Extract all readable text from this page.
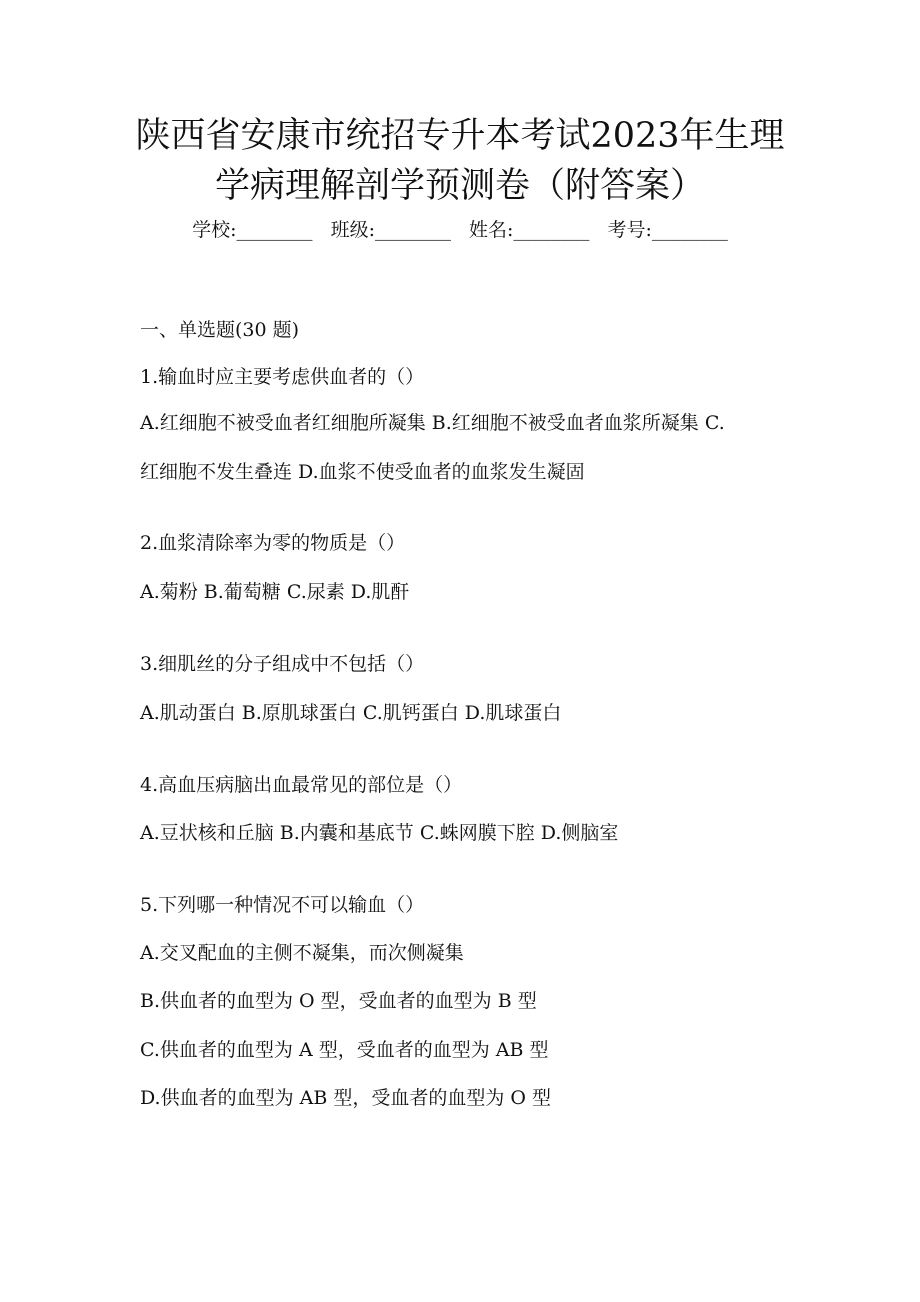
陕西省安康市统招专升本考试2023年生理
学病理解剖学预测卷（附答案）
学校:________ 班级:________ 姓名:________ 考号:________
一、单选题(30 题)
1.输血时应主要考虑供血者的（）
A.红细胞不被受血者红细胞所凝集 B.红细胞不被受血者血浆所凝集 C.
红细胞不发生叠连 D.血浆不使受血者的血浆发生凝固
2.血浆清除率为零的物质是（）
A.菊粉 B.葡萄糖 C.尿素 D.肌酐
3.细肌丝的分子组成中不包括（）
A.肌动蛋白 B.原肌球蛋白 C.肌钙蛋白 D.肌球蛋白
4.高血压病脑出血最常见的部位是（）
A.豆状核和丘脑 B.内囊和基底节 C.蛛网膜下腔 D.侧脑室
5.下列哪一种情况不可以输血（）
A.交叉配血的主侧不凝集，而次侧凝集
B.供血者的血型为 O 型，受血者的血型为 B 型
C.供血者的血型为 A 型，受血者的血型为 AB 型
D.供血者的血型为 AB 型，受血者的血型为 O 型
